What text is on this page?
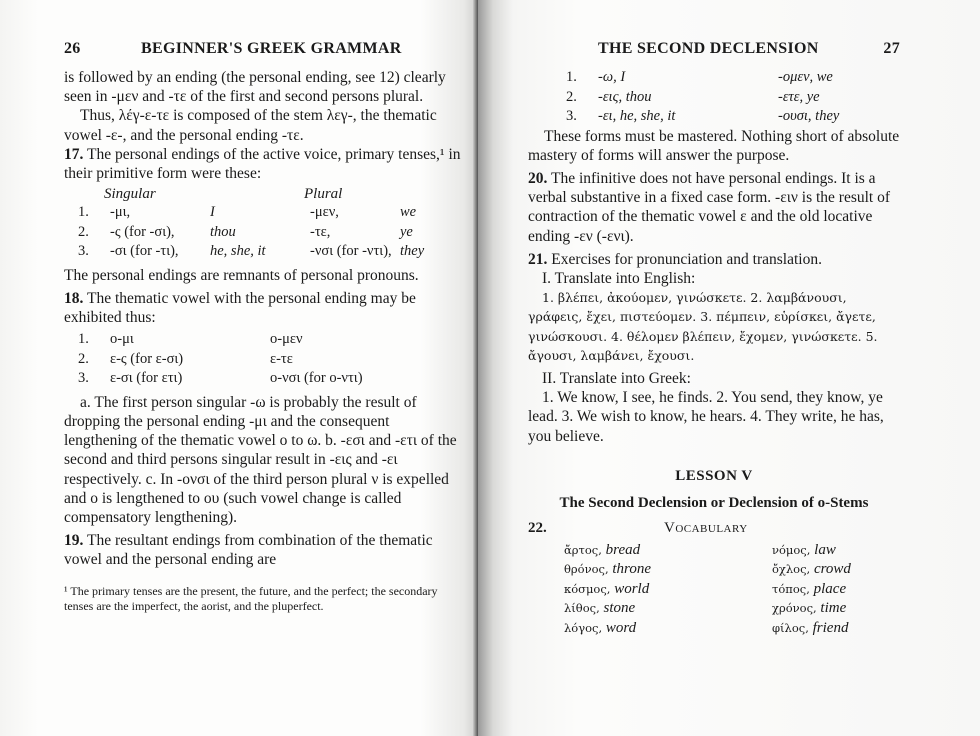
26	BEGINNER'S GREEK GRAMMAR

is followed by an ending (the personal ending, see 12) clearly seen in -μεν and -τε of the first and second persons plural.

Thus, λέγ-ε-τε is composed of the stem λεγ-, the thematic vowel -ε-, and the personal ending -τε.

17. The personal endings of the active voice, primary tenses,¹ in their primitive form were these:

Singular	Plural
1.	-μι,	I	-μεν,	we
2.	-ς (for -σι),	thou	-τε,	ye
3.	-σι (for -τι),	he, she, it	-νσι (for -ντι), they

The personal endings are remnants of personal pronouns.

18. The thematic vowel with the personal ending may be exhibited thus:

1.	ο-μι	ο-μεν
2.	ε-ς (for ε-σι)	ε-τε
3.	ε-σι (for ετι)	ο-νσι (for ο-ντι)

a. The first person singular -ω is probably the result of dropping the personal ending -μι and the consequent lengthening of the thematic vowel ο to ω. b. -εσι and -ετι of the second and third persons singular result in -εις and -ει respectively. c. In -ονσι of the third person plural ν is expelled and ο is lengthened to ου (such vowel change is called compensatory lengthening).

19. The resultant endings from combination of the thematic vowel and the personal ending are

¹ The primary tenses are the present, the future, and the perfect; the secondary tenses are the imperfect, the aorist, and the pluperfect.

THE SECOND DECLENSION	27
1.	-ω, I	-ομεν, we
2.	-εις, thou	-ετε, ye
3.	-ει, he, she, it	-ουσι, they

These forms must be mastered. Nothing short of absolute mastery of forms will answer the purpose.

20. The infinitive does not have personal endings. It is a verbal substantive in a fixed case form. -ειν is the result of contraction of the thematic vowel ε and the old locative ending -εν (-ενι).

21. Exercises for pronunciation and translation.

I. Translate into English:

1. βλέπει, ἀκούομεν, γινώσκετε. 2. λαμβάνουσι, γράφεις, ἔχει, πιστεύομεν. 3. πέμπειν, εὑρίσκει, ἄγετε, γινώσκουσι. 4. θέλομεν βλέπειν, ἔχομεν, γινώσκετε. 5. ἄγουσι, λαμβάνει, ἔχουσι.

II. Translate into Greek:

1. We know, I see, he finds. 2. You send, they know, ye lead. 3. We wish to know, he hears. 4. They write, he has, you believe.

LESSON V
The Second Declension or Declension of ο-Stems
22.	Vocabulary
ἄρτος, bread	νόμος, law
θρόνος, throne	ὄχλος, crowd
κόσμος, world	τόπος, place
λίθος, stone	χρόνος, time
λόγος, word	φίλος, friend
